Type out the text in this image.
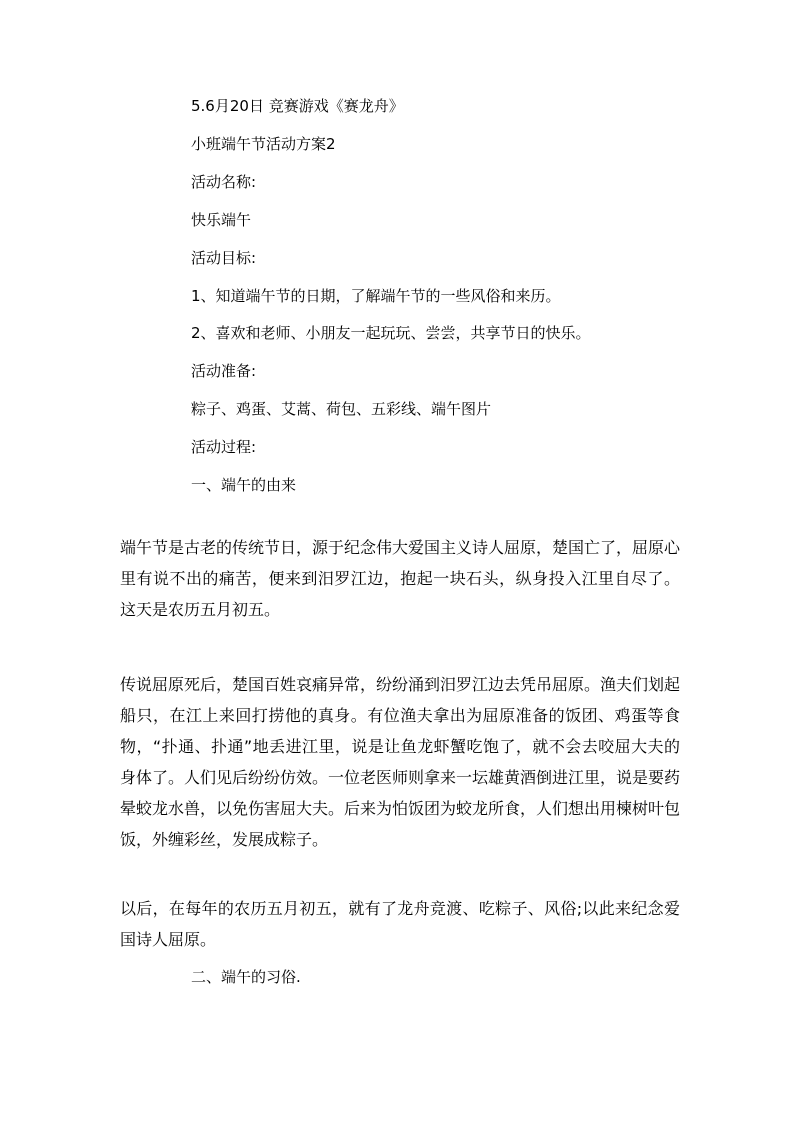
5.6月20日 竞赛游戏《赛龙舟》
小班端午节活动方案2
活动名称:
快乐端午
活动目标:
1、知道端午节的日期，了解端午节的一些风俗和来历。
2、喜欢和老师、小朋友一起玩玩、尝尝，共享节日的快乐。
活动准备:
粽子、鸡蛋、艾蒿、荷包、五彩线、端午图片
活动过程:
一、端午的由来
端午节是古老的传统节日，源于纪念伟大爱国主义诗人屈原，楚国亡了，屈原心里有说不出的痛苦，便来到汨罗江边，抱起一块石头，纵身投入江里自尽了。 这天是农历五月初五。
传说屈原死后，楚国百姓哀痛异常，纷纷涌到汨罗江边去凭吊屈原。渔夫们划起船只，在江上来回打捞他的真身。有位渔夫拿出为屈原准备的饭团、鸡蛋等食物，“扑通、扑通”地丢进江里，说是让鱼龙虾蟹吃饱了，就不会去咬屈大夫的身体了。人们见后纷纷仿效。一位老医师则拿来一坛雄黄酒倒进江里，说是要药晕蛟龙水兽，以免伤害屈大夫。后来为怕饭团为蛟龙所食，人们想出用楝树叶包饭，外缠彩丝，发展成粽子。
以后，在每年的农历五月初五，就有了龙舟竞渡、吃粽子、风俗;以此来纪念爱国诗人屈原。
二、端午的习俗.
